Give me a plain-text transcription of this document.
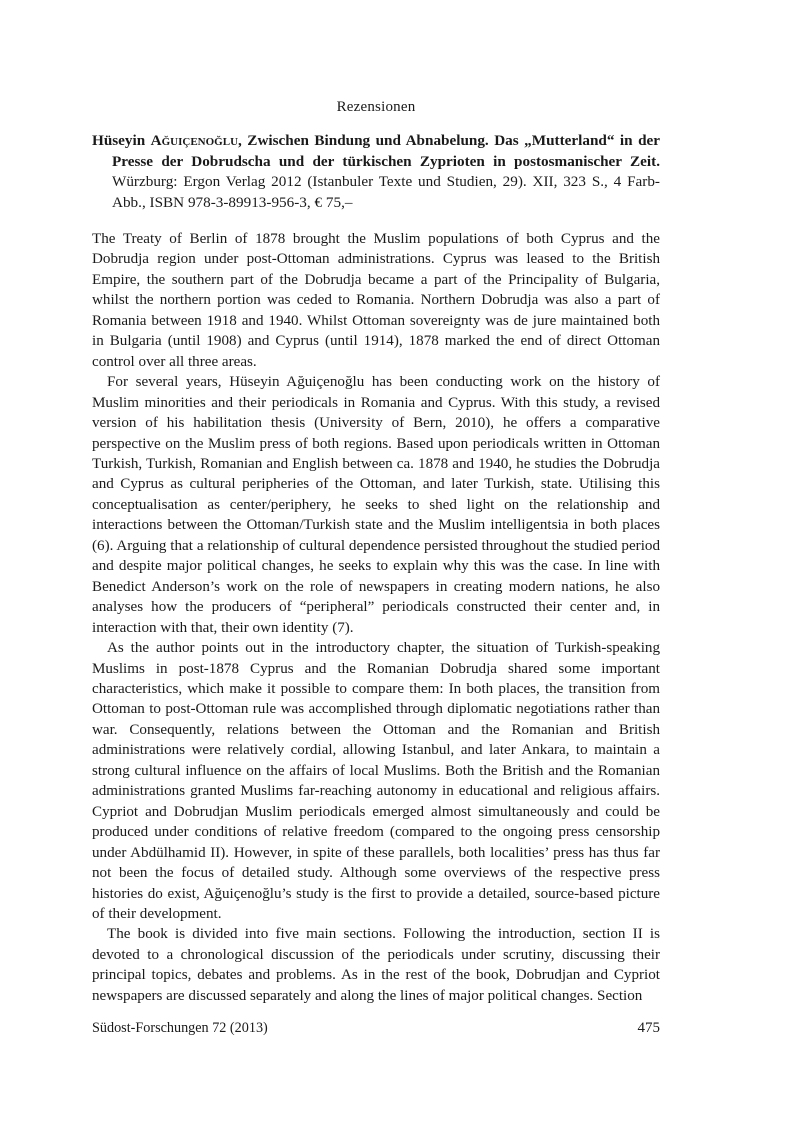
Rezensionen
Hüseyin Ağuiçenoğlu, Zwischen Bindung und Abnabelung. Das „Mutterland“ in der Presse der Dobrudscha und der türkischen Zyprioten in postosmanischer Zeit. Würzburg: Ergon Verlag 2012 (Istanbuler Texte und Studien, 29). XII, 323 S., 4 Farb-Abb., ISBN 978-3-89913-956-3, € 75,–

The Treaty of Berlin of 1878 brought the Muslim populations of both Cyprus and the Dobrudja region under post-Ottoman administrations. Cyprus was leased to the British Empire, the southern part of the Dobrudja became a part of the Principality of Bulgaria, whilst the northern portion was ceded to Romania. Northern Dobrudja was also a part of Romania between 1918 and 1940. Whilst Ottoman sovereignty was de jure maintained both in Bulgaria (until 1908) and Cyprus (until 1914), 1878 marked the end of direct Ottoman control over all three areas.

For several years, Hüseyin Ağuiçenoğlu has been conducting work on the history of Muslim minorities and their periodicals in Romania and Cyprus. With this study, a revised version of his habilitation thesis (University of Bern, 2010), he offers a comparative perspective on the Muslim press of both regions. Based upon periodicals written in Ottoman Turkish, Turkish, Romanian and English between ca. 1878 and 1940, he studies the Dobrudja and Cyprus as cultural peripheries of the Ottoman, and later Turkish, state. Utilising this conceptualisation as center/periphery, he seeks to shed light on the relationship and interactions between the Ottoman/Turkish state and the Muslim intelligentsia in both places (6). Arguing that a relationship of cultural dependence persisted throughout the studied period and despite major political changes, he seeks to explain why this was the case. In line with Benedict Anderson’s work on the role of newspapers in creating modern nations, he also analyses how the producers of “peripheral” periodicals constructed their center and, in interaction with that, their own identity (7).

As the author points out in the introductory chapter, the situation of Turkish-speaking Muslims in post-1878 Cyprus and the Romanian Dobrudja shared some important characteristics, which make it possible to compare them: In both places, the transition from Ottoman to post-Ottoman rule was accomplished through diplomatic negotiations rather than war. Consequently, relations between the Ottoman and the Romanian and British administrations were relatively cordial, allowing Istanbul, and later Ankara, to maintain a strong cultural influence on the affairs of local Muslims. Both the British and the Romanian administrations granted Muslims far-reaching autonomy in educational and religious affairs. Cypriot and Dobrudjan Muslim periodicals emerged almost simultaneously and could be produced under conditions of relative freedom (compared to the ongoing press censorship under Abdülhamid II). However, in spite of these parallels, both localities’ press has thus far not been the focus of detailed study. Although some overviews of the respective press histories do exist, Ağuiçenoğlu’s study is the first to provide a detailed, source-based picture of their development.

The book is divided into five main sections. Following the introduction, section II is devoted to a chronological discussion of the periodicals under scrutiny, discussing their principal topics, debates and problems. As in the rest of the book, Dobrudjan and Cypriot newspapers are discussed separately and along the lines of major political changes. Section

Südost-Forschungen 72 (2013)	475
